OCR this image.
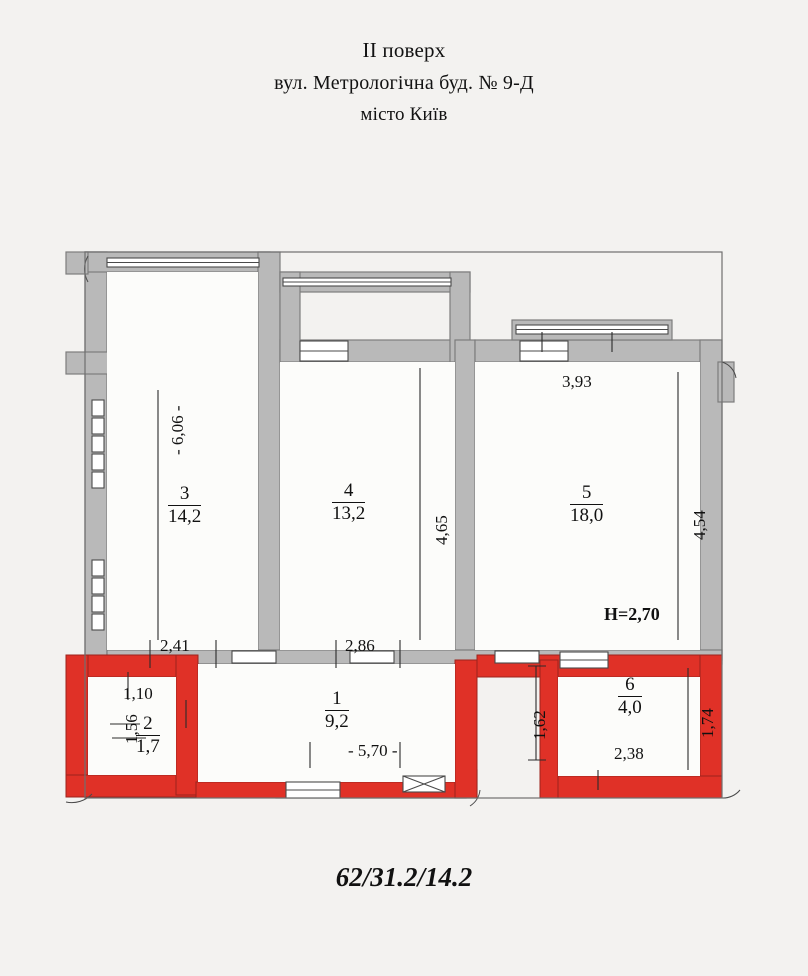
ІІ поверх
вул. Метрологічна буд. № 9-Д
місто Київ
3
14,2
4
13,2
5
18,0
1
9,2
2
1,7
6
4,0
H=2,70
- 6,06 -
4,65
3,93
4,54
2,41	2,86
1,10
1,56	1,62	1,74
2,38
- 5,70 -
62/31.2/14.2
